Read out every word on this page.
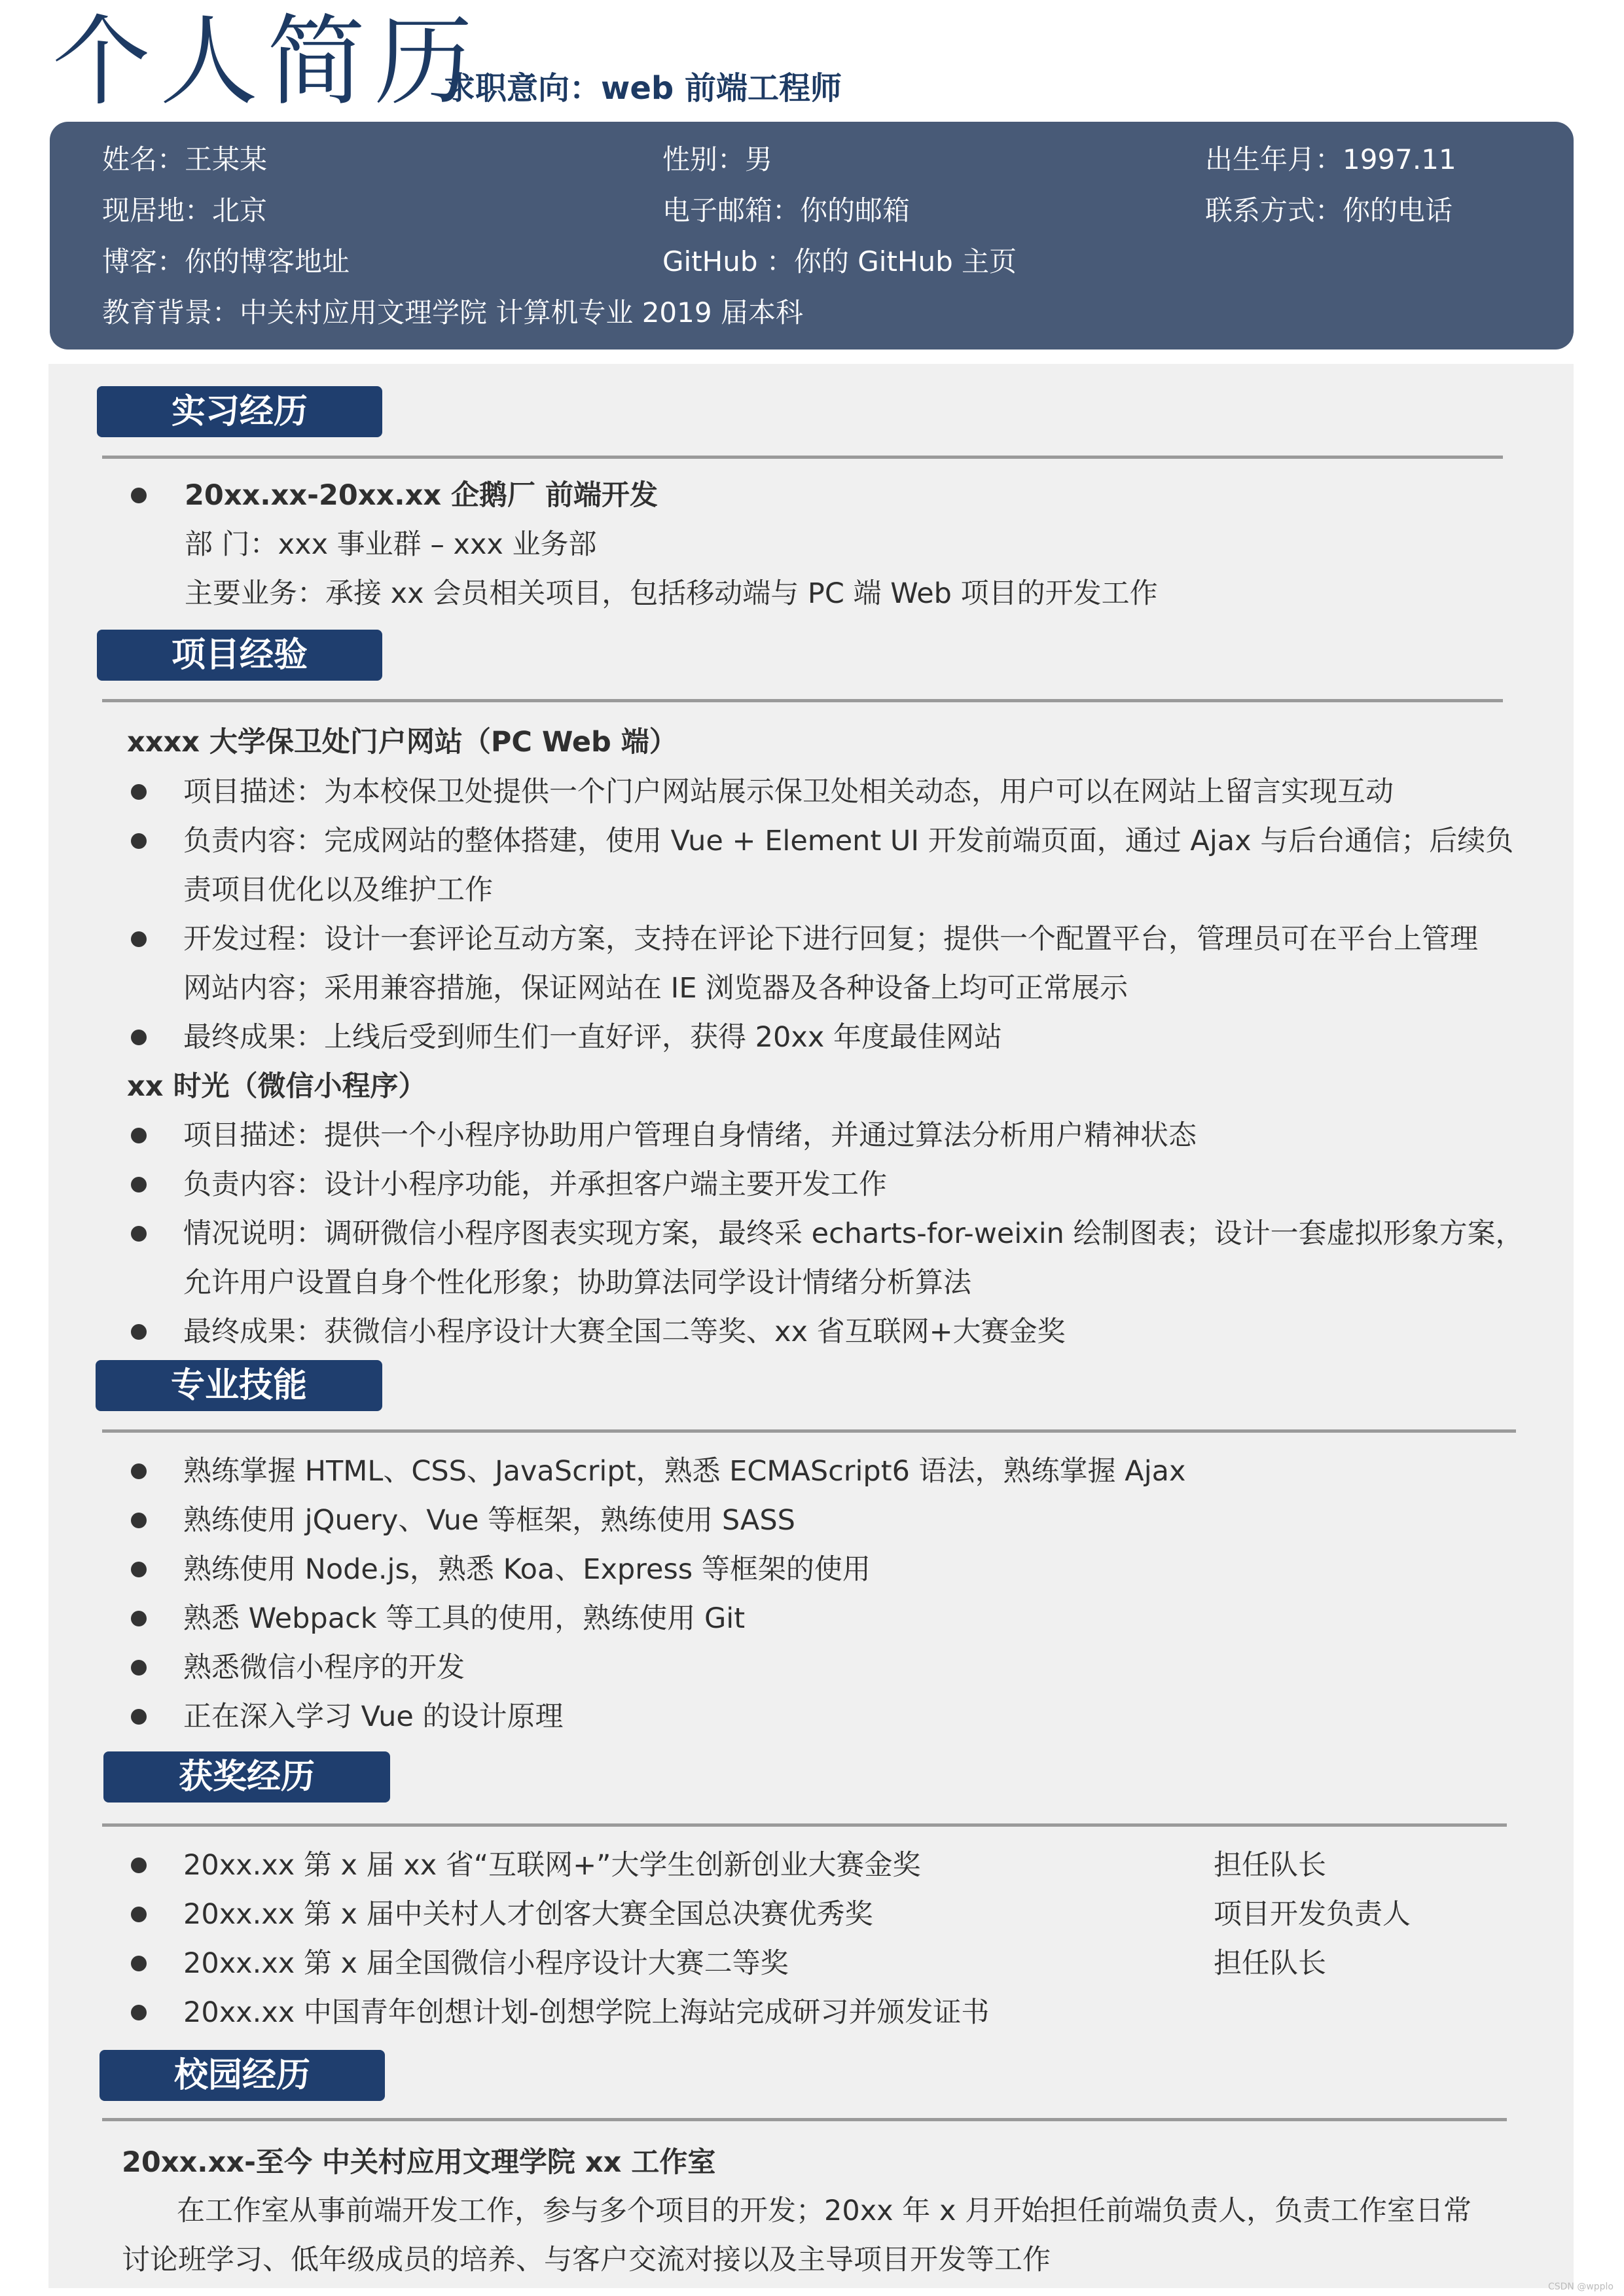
个人简历
求职意向：web 前端工程师
姓名：王某某	性别：男	出生年月：1997.11
现居地：北京	电子邮箱：你的邮箱	联系方式：你的电话
博客：你的博客地址	GitHub ：你的 GitHub 主页
教育背景：中关村应用文理学院 计算机专业 2019 届本科
实习经历
20xx.xx-20xx.xx 企鹅厂 前端开发
部 门：xxx 事业群 – xxx 业务部
主要业务：承接 xx 会员相关项目，包括移动端与 PC 端 Web 项目的开发工作
项目经验
xxxx 大学保卫处门户网站（PC Web 端）
项目描述：为本校保卫处提供一个门户网站展示保卫处相关动态，用户可以在网站上留言实现互动
负责内容：完成网站的整体搭建，使用 Vue + Element UI 开发前端页面，通过 Ajax 与后台通信；后续负
责项目优化以及维护工作
开发过程：设计一套评论互动方案，支持在评论下进行回复；提供一个配置平台，管理员可在平台上管理
网站内容；采用兼容措施，保证网站在 IE 浏览器及各种设备上均可正常展示
最终成果：上线后受到师生们一直好评，获得 20xx 年度最佳网站
xx 时光（微信小程序）
项目描述：提供一个小程序协助用户管理自身情绪，并通过算法分析用户精神状态
负责内容：设计小程序功能，并承担客户端主要开发工作
情况说明：调研微信小程序图表实现方案，最终采 echarts-for-weixin 绘制图表；设计一套虚拟形象方案，
允许用户设置自身个性化形象；协助算法同学设计情绪分析算法
最终成果：获微信小程序设计大赛全国二等奖、xx 省互联网+大赛金奖
专业技能
熟练掌握 HTML、CSS、JavaScript，熟悉 ECMAScript6 语法，熟练掌握 Ajax
熟练使用 jQuery、Vue 等框架，熟练使用 SASS
熟练使用 Node.js，熟悉 Koa、Express 等框架的使用
熟悉 Webpack 等工具的使用，熟练使用 Git
熟悉微信小程序的开发
正在深入学习 Vue 的设计原理
获奖经历
20xx.xx 第 x 届 xx 省“互联网+”大学生创新创业大赛金奖	担任队长
20xx.xx 第 x 届中关村人才创客大赛全国总决赛优秀奖	项目开发负责人
20xx.xx 第 x 届全国微信小程序设计大赛二等奖	担任队长
20xx.xx 中国青年创想计划-创想学院上海站完成研习并颁发证书
校园经历
20xx.xx-至今 中关村应用文理学院 xx 工作室
在工作室从事前端开发工作，参与多个项目的开发；20xx 年 x 月开始担任前端负责人，负责工作室日常
讨论班学习、低年级成员的培养、与客户交流对接以及主导项目开发等工作
CSDN @wpplo
